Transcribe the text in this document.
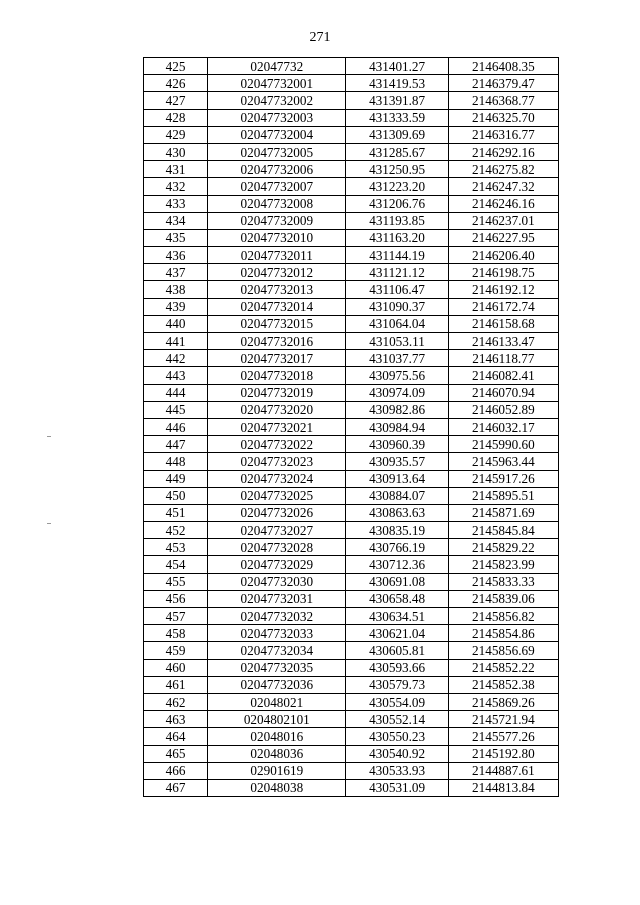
271
425	02047732	431401.27	2146408.35
426	02047732001	431419.53	2146379.47
427	02047732002	431391.87	2146368.77
428	02047732003	431333.59	2146325.70
429	02047732004	431309.69	2146316.77
430	02047732005	431285.67	2146292.16
431	02047732006	431250.95	2146275.82
432	02047732007	431223.20	2146247.32
433	02047732008	431206.76	2146246.16
434	02047732009	431193.85	2146237.01
435	02047732010	431163.20	2146227.95
436	02047732011	431144.19	2146206.40
437	02047732012	431121.12	2146198.75
438	02047732013	431106.47	2146192.12
439	02047732014	431090.37	2146172.74
440	02047732015	431064.04	2146158.68
441	02047732016	431053.11	2146133.47
442	02047732017	431037.77	2146118.77
443	02047732018	430975.56	2146082.41
444	02047732019	430974.09	2146070.94
445	02047732020	430982.86	2146052.89
446	02047732021	430984.94	2146032.17
447	02047732022	430960.39	2145990.60
448	02047732023	430935.57	2145963.44
449	02047732024	430913.64	2145917.26
450	02047732025	430884.07	2145895.51
451	02047732026	430863.63	2145871.69
452	02047732027	430835.19	2145845.84
453	02047732028	430766.19	2145829.22
454	02047732029	430712.36	2145823.99
455	02047732030	430691.08	2145833.33
456	02047732031	430658.48	2145839.06
457	02047732032	430634.51	2145856.82
458	02047732033	430621.04	2145854.86
459	02047732034	430605.81	2145856.69
460	02047732035	430593.66	2145852.22
461	02047732036	430579.73	2145852.38
462	02048021	430554.09	2145869.26
463	0204802101	430552.14	2145721.94
464	02048016	430550.23	2145577.26
465	02048036	430540.92	2145192.80
466	02901619	430533.93	2144887.61
467	02048038	430531.09	2144813.84
